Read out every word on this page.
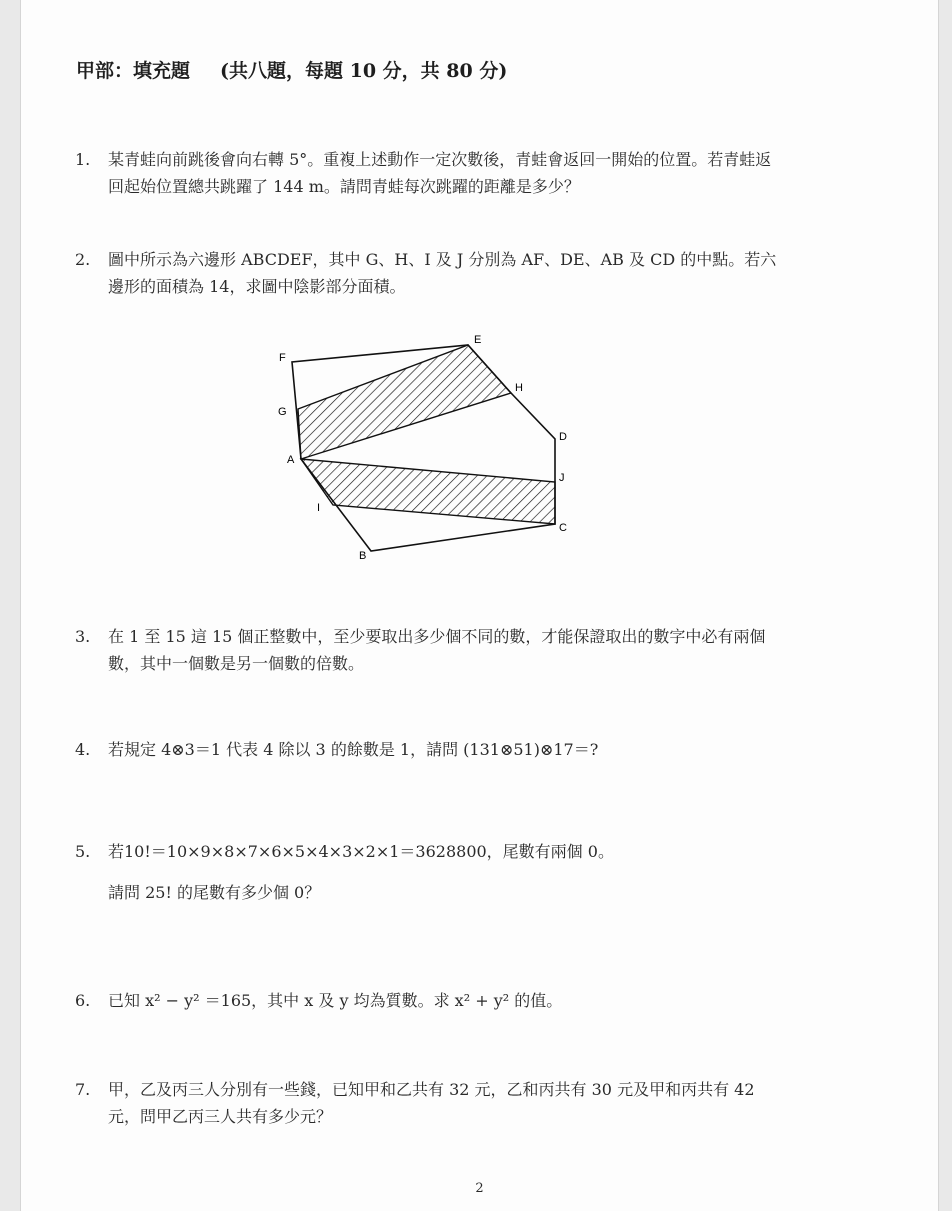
甲部：填充題 (共八題，每題 10 分，共 80 分)
1.	某青蛙向前跳後會向右轉 5°。重複上述動作一定次數後，青蛙會返回一開始的位置。若青蛙返
回起始位置總共跳躍了 144 m。請問青蛙每次跳躍的距離是多少？
2.	圖中所示為六邊形 ABCDEF，其中 G、H、I 及 J 分別為 AF、DE、AB 及 CD 的中點。若六
邊形的面積為 14，求圖中陰影部分面積。
F
E
G
H
D
A
J
I
C
B
3.	在 1 至 15 這 15 個正整數中，至少要取出多少個不同的數，才能保證取出的數字中必有兩個
數，其中一個數是另一個數的倍數。
4.	若規定 4⊗3＝1 代表 4 除以 3 的餘數是 1，請問 (131⊗51)⊗17＝?
5.	若10!＝10×9×8×7×6×5×4×3×2×1＝3628800，尾數有兩個 0。
請問 25! 的尾數有多少個 0？
6.	已知 x² − y² ＝165，其中 x 及 y 均為質數。求 x² + y² 的值。
7.	甲，乙及丙三人分別有一些錢，已知甲和乙共有 32 元，乙和丙共有 30 元及甲和丙共有 42
元，問甲乙丙三人共有多少元？
2
